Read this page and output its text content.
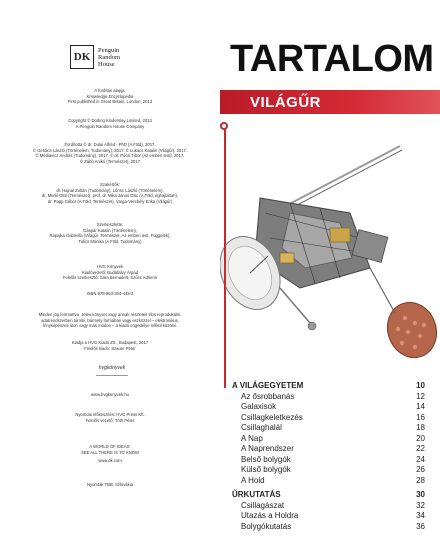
DK
Penguin
Random
House

A fordítás alapja:

Knowledge Encyclopedia

First published in Great Britain, London, 2013

Copyright © Dorling Kindersley Limited, 2013

A Penguin Random House Company

Fordította © dr. Dulai Alfréd · PhD (A Föld), 2017.

© Gerdics László (Történelem, Tudomány), 2017. © Lukács Katalin (Világűr), 2017.

© Médiavicz András (Tudomány), 2017. © dr. Pócsi Tibor (Az emberi test), 2017.

© Zábó Anikó (Természet), 2017

Szakértők:

dr. Hajnal Zoltán (Tudomány), Lőrinc László (Történelem),

dr. Merkl Ottó (Természet), prof. dr. Mika János DSc (A Föld, éghajlattan),

dr. Papp Gábor (A Föld, Természet), Varga-Verebély Erika (Világűr)

Szerkesztette:

Gáspár Katalin (Történelem),

Rapajka Gabriella (Világűr, Természet, Az emberi test, Függelék),

Tulics Mónika (A Föld, Tudomány)

HVG Könyvek

Kiadóvezető: Budafalvy Árpád

Felelős szerkesztő: Sára Bernadett, Szűcs Adrienn

ISBN 978-963-304-445-2

Minden jog fenntartva. Jelen könyvet vagy annak részleteit tilos reprodukálni,

adatrendszerben tárolni, bármely formában vagy eszközzel – elektronikus,

fényképészeti úton vagy más módon – a kiadó engedélye nélkül közölni.

Kiadja a HVG Kiadó Zrt., Budapest, 2017

Felelős kiadó: Szauer Péter

hvgkönyvek

www.hvgkonyvek.hu

Nyomdai előkészítés: HVG Press Kft.

Felelős vezető: Tóth Péter

A WORLD OF IDEAS:

SEE ALL THERE IS TO KNOW

www.dk.com

Nyomták TBB, Szlovákia

TARTALOM
VILÁGŰR
A VILÁGEGYETEM	10
Az ősrobbanás	12
Galaxisok	14
Csillagkeletkezés	16
Csillaghalál	18
A Nap	20
A Naprendszer	22
Belső bolygók	24
Külső bolygók	26
A Hold	28
ŰRKUTATÁS	30
Csillagászat	32
Utazás a Holdra	34
Bolygókutatás	36
